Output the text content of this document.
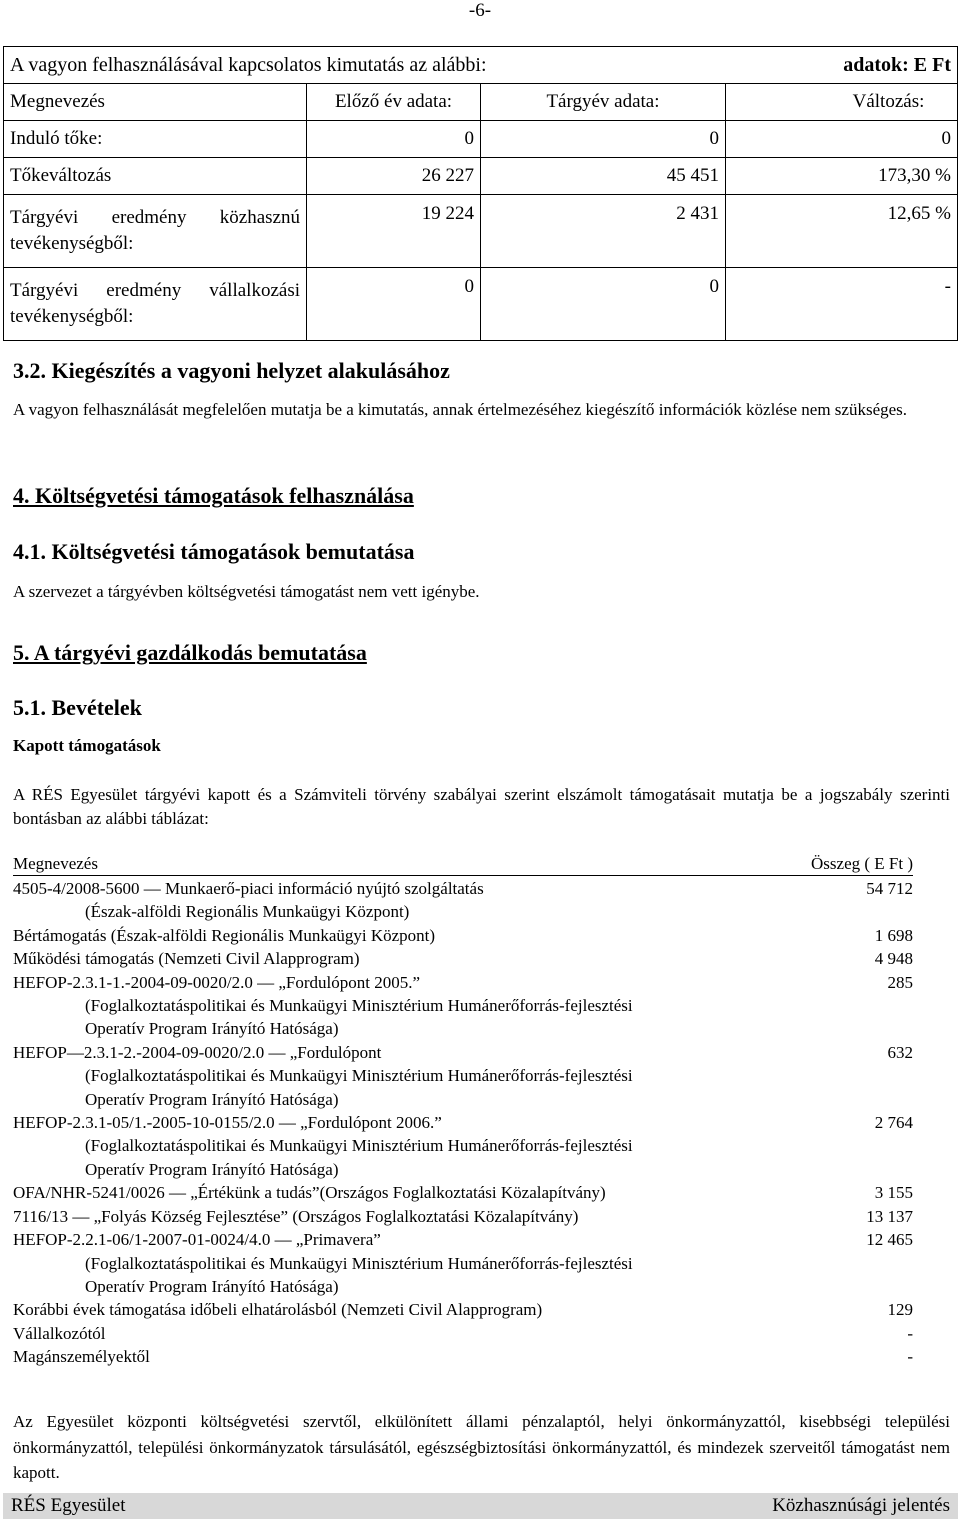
-6-
A vagyon felhasználásával kapcsolatos kimutatás az alábbi: adatok: E Ft			

Megnevezés	Előző év adata:	Tárgyév adata:	Változás:
Induló tőke:	0	0	0
Tőkeváltozás	26 227	45 451	173,30 %
Tárgyévi eredmény közhasznú tevékenységből:	19 224	2 431	12,65 %
Tárgyévi eredmény vállalkozási tevékenységből:	0	0	-
3.2. Kiegészítés a vagyoni helyzet alakulásához
A vagyon felhasználását megfelelően mutatja be a kimutatás, annak értelmezéséhez kiegészítő információk közlése nem szükséges.
4. Költségvetési támogatások felhasználása
4.1. Költségvetési támogatások bemutatása
A szervezet a tárgyévben költségvetési támogatást nem vett igénybe.
5. A tárgyévi gazdálkodás bemutatása
5.1. Bevételek
Kapott támogatások
A RÉS Egyesület tárgyévi kapott és a Számviteli törvény szabályai szerint elszámolt támogatásait mutatja be a jogszabály szerinti bontásban az alábbi táblázat:
Megnevezés	Összeg ( E Ft )
4505-4/2008-5600 ― Munkaerő-piaci információ nyújtó szolgáltatás	54 712
(Észak-alföldi Regionális Munkaügyi Központ)
Bértámogatás (Észak-alföldi Regionális Munkaügyi Központ)	1 698
Működési támogatás (Nemzeti Civil Alapprogram)	4 948
HEFOP-2.3.1-1.-2004-09-0020/2.0 ― „Fordulópont 2005.”	285
(Foglalkoztatáspolitikai és Munkaügyi Minisztérium Humánerőforrás-fejlesztési
Operatív Program Irányító Hatósága)
HEFOP―2.3.1-2.-2004-09-0020/2.0 ― „Fordulópont	632
(Foglalkoztatáspolitikai és Munkaügyi Minisztérium Humánerőforrás-fejlesztési
Operatív Program Irányító Hatósága)
HEFOP-2.3.1-05/1.-2005-10-0155/2.0 ― „Fordulópont 2006.”	2 764
(Foglalkoztatáspolitikai és Munkaügyi Minisztérium Humánerőforrás-fejlesztési
Operatív Program Irányító Hatósága)
OFA/NHR-5241/0026 ― „Értékünk a tudás”(Országos Foglalkoztatási Közalapítvány)	3 155
7116/13 ― „Folyás Község Fejlesztése” (Országos Foglalkoztatási Közalapítvány)	13 137
HEFOP-2.2.1-06/1-2007-01-0024/4.0 ― „Primavera”	12 465
(Foglalkoztatáspolitikai és Munkaügyi Minisztérium Humánerőforrás-fejlesztési
Operatív Program Irányító Hatósága)
Korábbi évek támogatása időbeli elhatárolásból (Nemzeti Civil Alapprogram)	129
Vállalkozótól	-
Magánszemélyektől	-
Az Egyesület központi költségvetési szervtől, elkülönített állami pénzalaptól, helyi önkormányzattól, kisebbségi települési önkormányzattól, települési önkormányzatok társulásától, egészségbiztosítási önkormányzattól, és mindezek szerveitől támogatást nem kapott.
RÉS Egyesület	Közhasznúsági jelentés
